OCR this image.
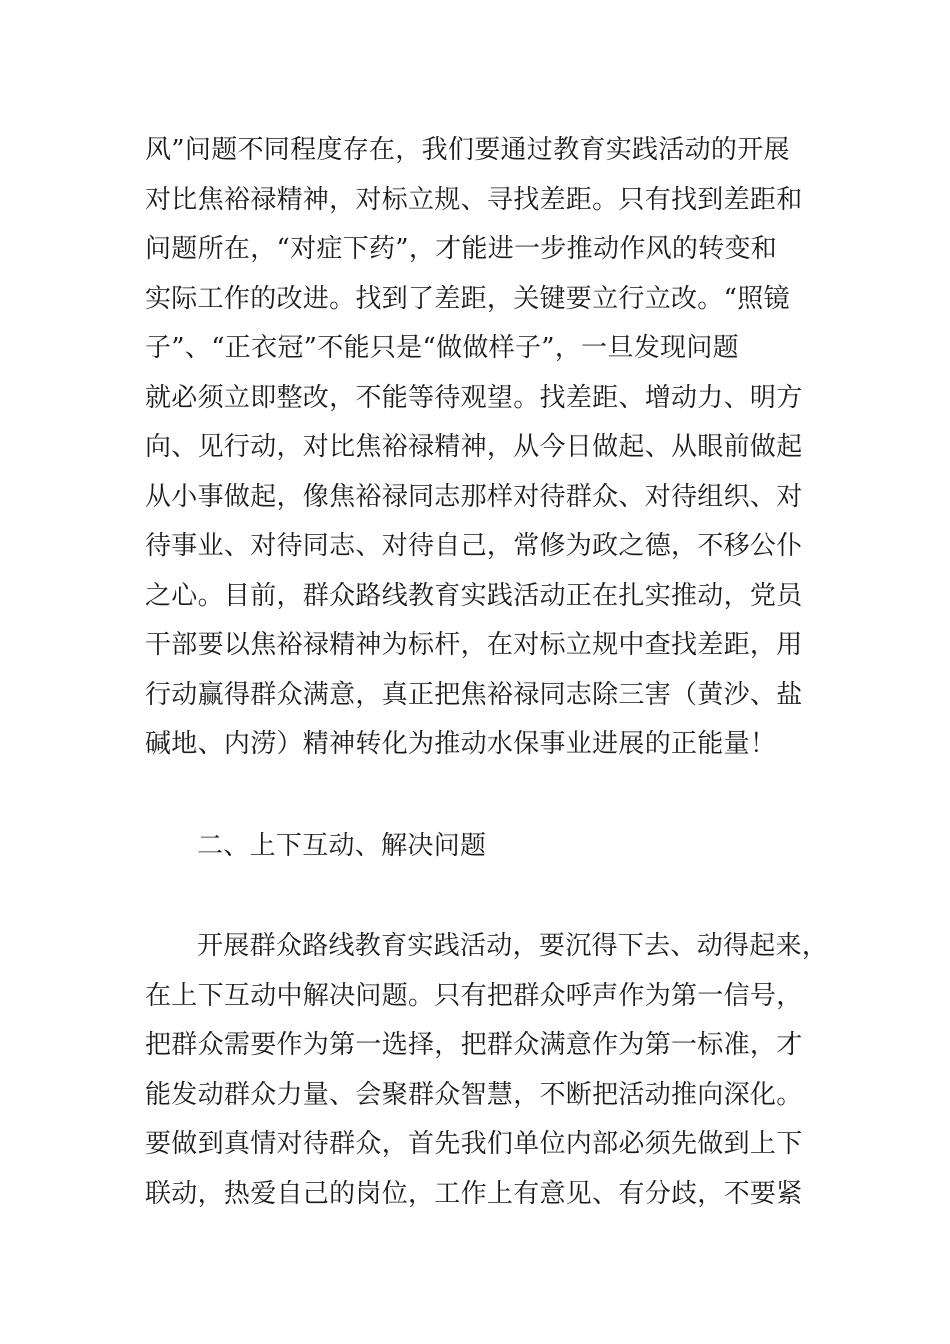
风”问题不同程度存在，我们要通过教育实践活动的开展
对比焦裕禄精神，对标立规、寻找差距。只有找到差距和
问题所在，“对症下药”，才能进一步推动作风的转变和
实际工作的改进。找到了差距，关键要立行立改。“照镜
子”、“正衣冠”不能只是“做做样子”，一旦发现问题
就必须立即整改，不能等待观望。找差距、增动力、明方
向、见行动，对比焦裕禄精神，从今日做起、从眼前做起
从小事做起，像焦裕禄同志那样对待群众、对待组织、对
待事业、对待同志、对待自己，常修为政之德，不移公仆
之心。目前，群众路线教育实践活动正在扎实推动，党员
干部要以焦裕禄精神为标杆，在对标立规中查找差距，用
行动赢得群众满意，真正把焦裕禄同志除三害（黄沙、盐
碱地、内涝）精神转化为推动水保事业进展的正能量！
二、上下互动、解决问题
开展群众路线教育实践活动，要沉得下去、动得起来，
在上下互动中解决问题。只有把群众呼声作为第一信号，
把群众需要作为第一选择，把群众满意作为第一标准，才
能发动群众力量、会聚群众智慧，不断把活动推向深化。
要做到真情对待群众，首先我们单位内部必须先做到上下
联动，热爱自己的岗位，工作上有意见、有分歧，不要紧
